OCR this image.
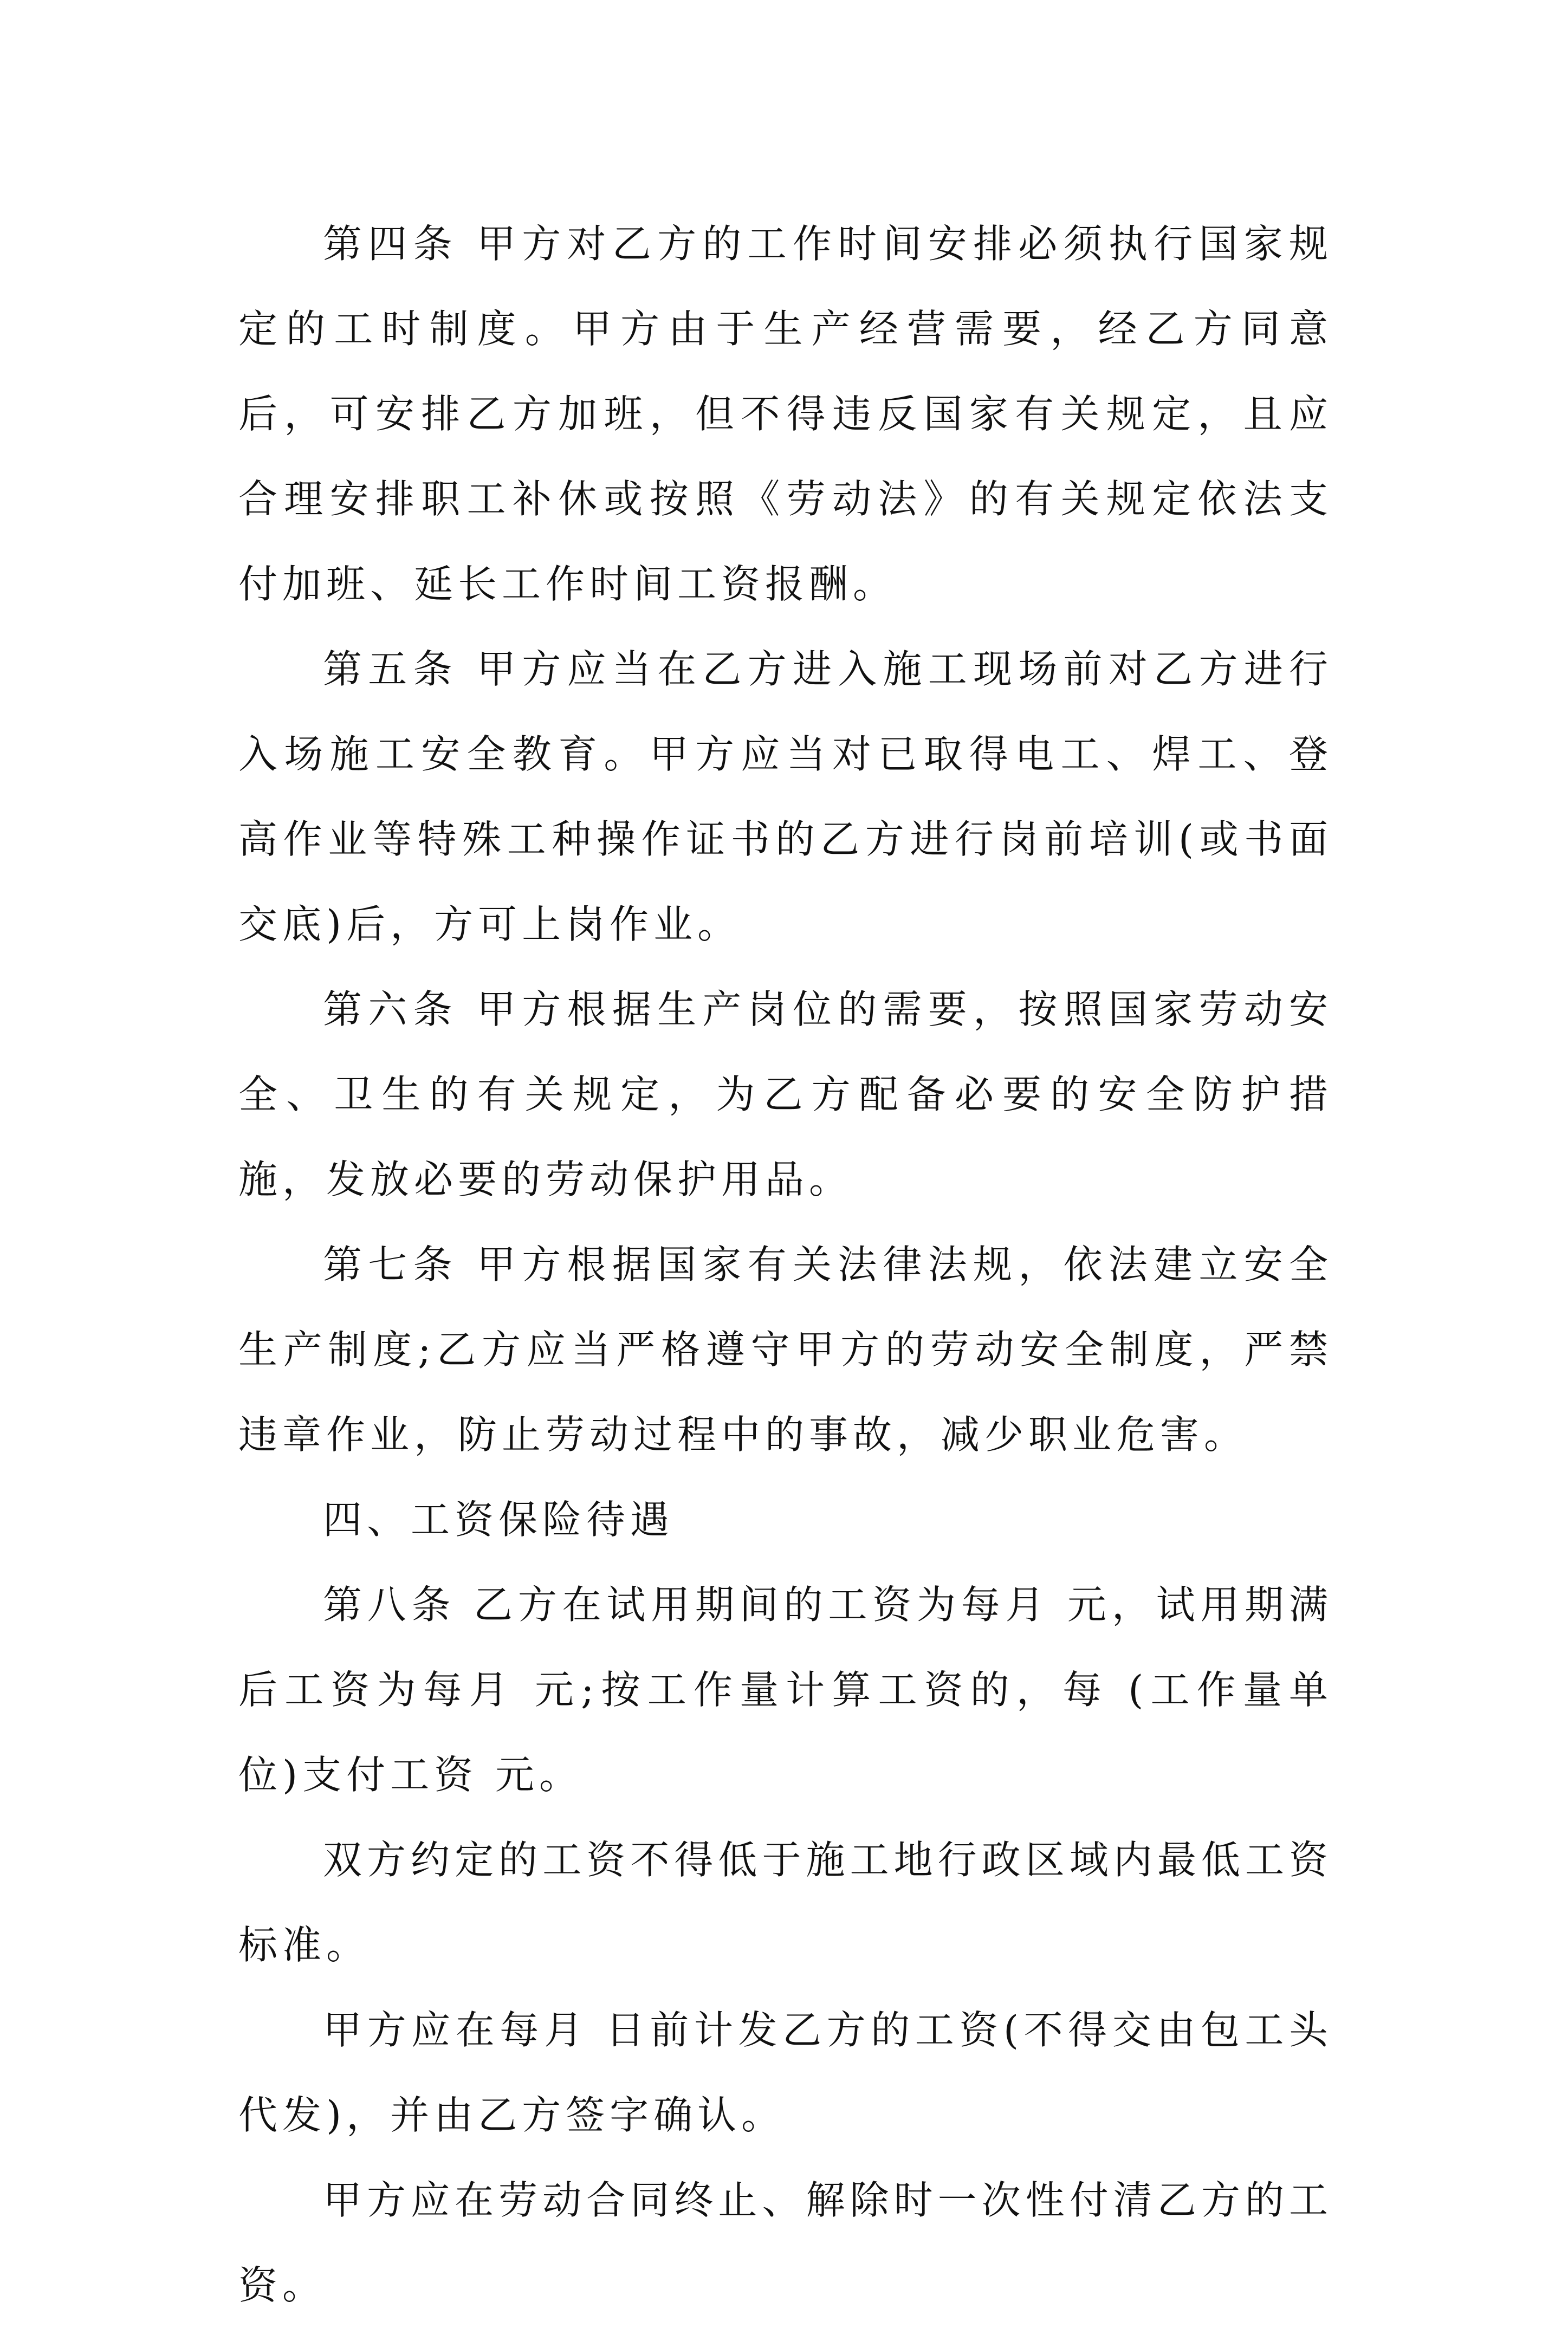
第四条 甲方对乙方的工作时间安排必须执行国家规定的工时制度。甲方由于生产经营需要，经乙方同意后，可安排乙方加班，但不得违反国家有关规定，且应合理安排职工补休或按照《劳动法》的有关规定依法支付加班、延长工作时间工资报酬。

第五条 甲方应当在乙方进入施工现场前对乙方进行入场施工安全教育。甲方应当对已取得电工、焊工、登高作业等特殊工种操作证书的乙方进行岗前培训(或书面交底)后，方可上岗作业。

第六条 甲方根据生产岗位的需要，按照国家劳动安全、卫生的有关规定，为乙方配备必要的安全防护措施，发放必要的劳动保护用品。

第七条 甲方根据国家有关法律法规，依法建立安全生产制度;乙方应当严格遵守甲方的劳动安全制度，严禁违章作业，防止劳动过程中的事故，减少职业危害。

四、工资保险待遇

第八条 乙方在试用期间的工资为每月 元，试用期满后工资为每月 元;按工作量计算工资的，每 (工作量单位)支付工资 元。

双方约定的工资不得低于施工地行政区域内最低工资标准。

甲方应在每月 日前计发乙方的工资(不得交由包工头代发)，并由乙方签字确认。

甲方应在劳动合同终止、解除时一次性付清乙方的工资。
